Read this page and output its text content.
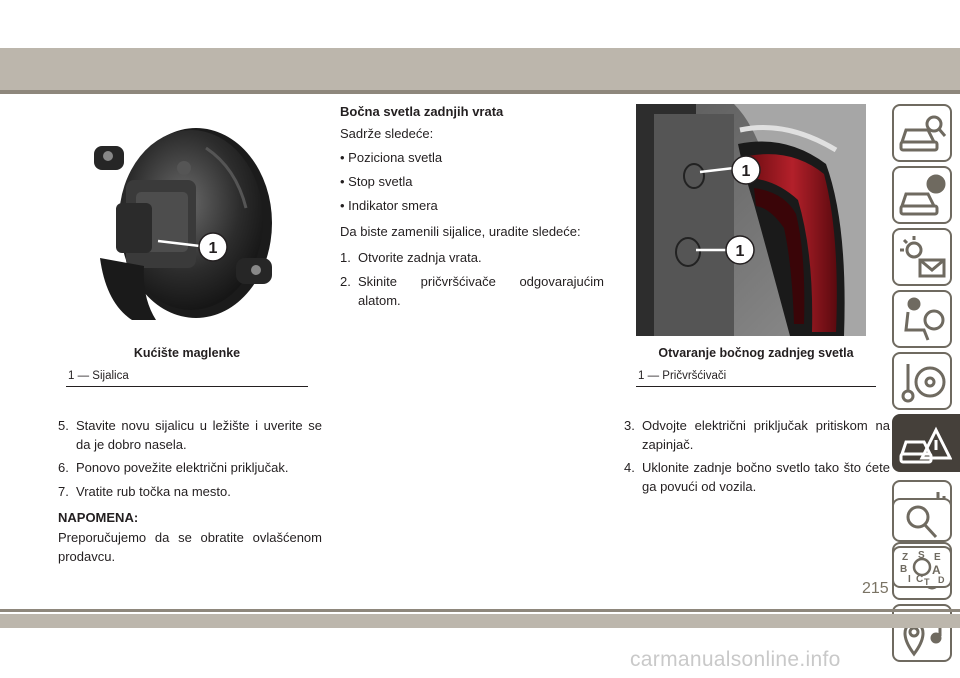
1
Kućište maglenke
1 — Sijalica
5. Stavite novu sijalicu u ležište i uverite se da je dobro nasela.
6. Ponovo povežite električni priključak.
7. Vratite rub točka na mesto.
NAPOMENA:
Preporučujemo da se obratite ovlašćenom prodavcu.
Bočna svetla zadnjih vrata
Sadrže sledeće:
• Poziciona svetla
• Stop svetla
• Indikator smera
Da biste zamenili sijalice, uradite sledeće:
1. Otvorite zadnja vrata.
2. Skinite pričvršćivače odgovarajućim alatom.
1
1
Otvaranje bočnog zadnjeg svetla
1 — Pričvršćivači
3. Odvojte električni priključak pritiskom na zapinjač.
4. Uklonite zadnje bočno svetlo tako što ćete ga povući od vozila.
Z S E
B A
I C D
T
215
carmanualsonline.info
